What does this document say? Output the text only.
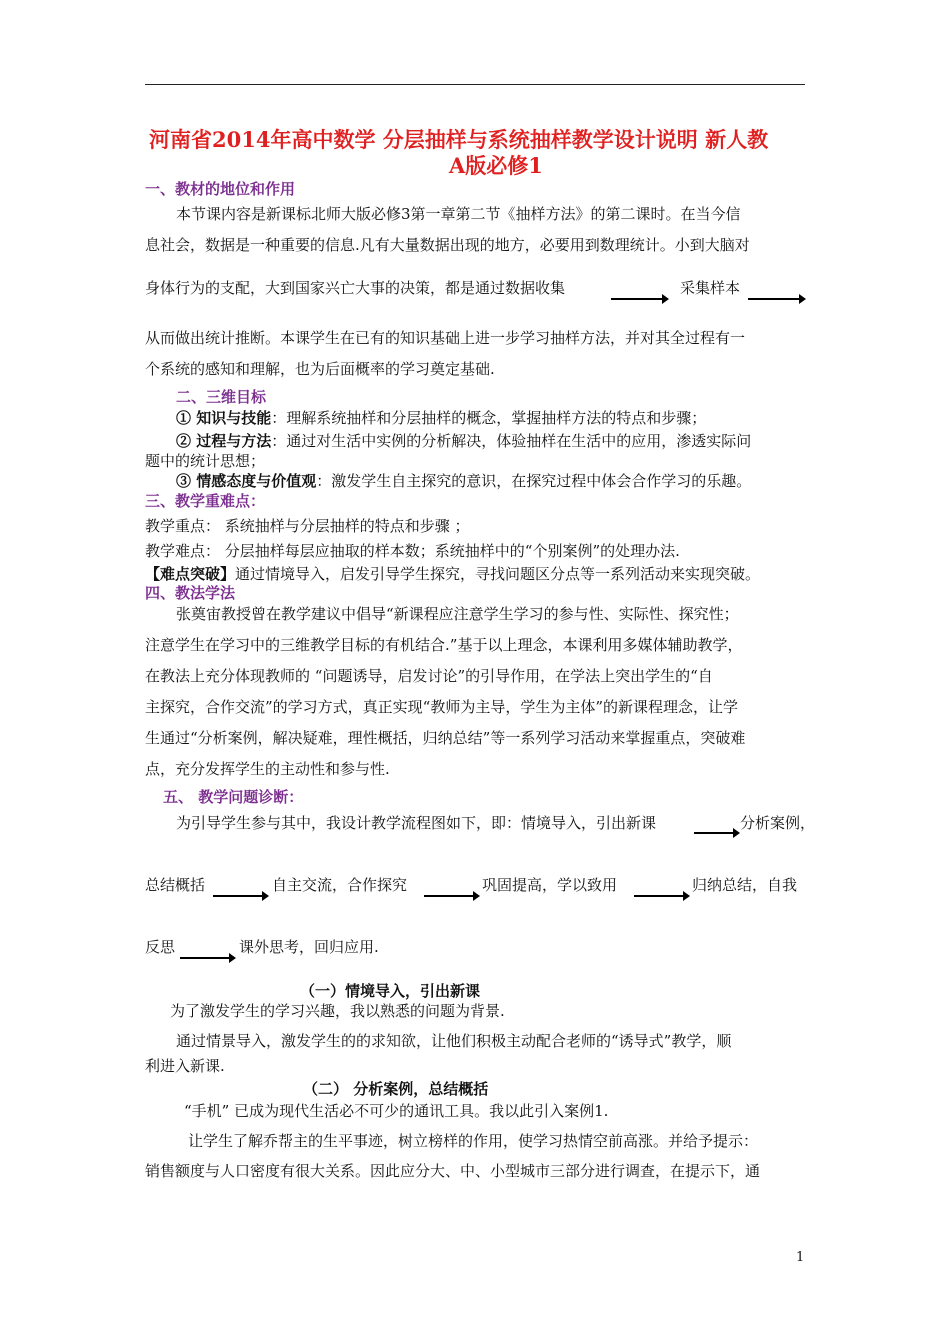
河南省2014年高中数学 分层抽样与系统抽样教学设计说明 新人教
A版必修1
一、教材的地位和作用
本节课内容是新课标北师大版必修3第一章第二节《抽样方法》的第二课时。在当今信
息社会，数据是一种重要的信息.凡有大量数据出现的地方，必要用到数理统计。小到大脑对
身体行为的支配，大到国家兴亡大事的决策，都是通过数据收集	采集样本
从而做出统计推断。本课学生在已有的知识基础上进一步学习抽样方法，并对其全过程有一
个系统的感知和理解，也为后面概率的学习奠定基础.
二、三维目标
① 知识与技能：理解系统抽样和分层抽样的概念，掌握抽样方法的特点和步骤；
② 过程与方法：通过对生活中实例的分析解决，体验抽样在生活中的应用，渗透实际问
题中的统计思想；
③ 情感态度与价值观：激发学生自主探究的意识，在探究过程中体会合作学习的乐趣。
三、教学重难点：
教学重点： 系统抽样与分层抽样的特点和步骤 ；
教学难点： 分层抽样每层应抽取的样本数；系统抽样中的“个别案例”的处理办法.
【难点突破】通过情境导入，启发引导学生探究，寻找问题区分点等一系列活动来实现突破。
四、教法学法
张奠宙教授曾在教学建议中倡导“新课程应注意学生学习的参与性、实际性、探究性；
注意学生在学习中的三维教学目标的有机结合.”基于以上理念，本课利用多媒体辅助教学，
在教法上充分体现教师的 “问题诱导，启发讨论”的引导作用，在学法上突出学生的“自
主探究，合作交流”的学习方式，真正实现“教师为主导，学生为主体”的新课程理念，让学
生通过“分析案例，解决疑难，理性概括，归纳总结”等一系列学习活动来掌握重点，突破难
点，充分发挥学生的主动性和参与性.
五、 教学问题诊断：
为引导学生参与其中，我设计教学流程图如下，即：情境导入，引出新课	分析案例，
总结概括	自主交流，合作探究	巩固提高，学以致用	归纳总结，自我
反思	课外思考，回归应用.
（一）情境导入，引出新课
为了激发学生的学习兴趣，我以熟悉的问题为背景.
通过情景导入，激发学生的的求知欲，让他们积极主动配合老师的“诱导式”教学，顺
利进入新课.
（二） 分析案例，总结概括
“手机” 已成为现代生活必不可少的通讯工具。我以此引入案例1.
让学生了解乔帮主的生平事迹，树立榜样的作用，使学习热情空前高涨。并给予提示：
销售额度与人口密度有很大关系。因此应分大、中、小型城市三部分进行调查，在提示下，通
1
